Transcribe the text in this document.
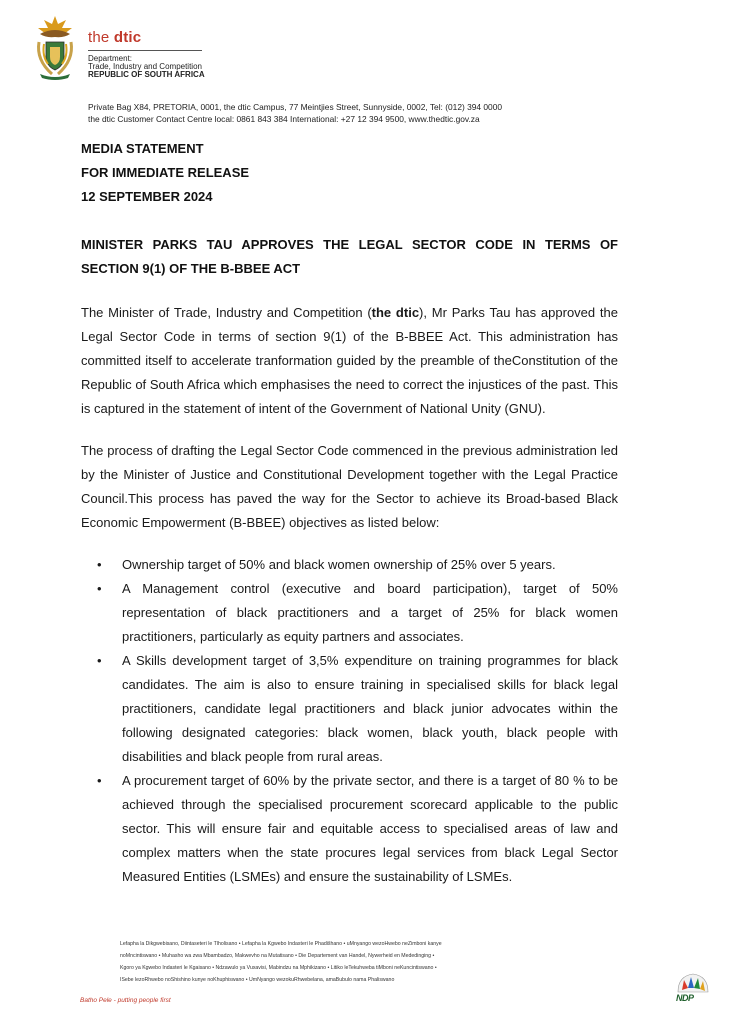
the dtic
Department:
Trade, Industry and Competition
REPUBLIC OF SOUTH AFRICA
Private Bag X84, PRETORIA, 0001, the dtic Campus, 77 Meintjies Street, Sunnyside, 0002, Tel: (012) 394 0000
the dtic Customer Contact Centre local: 0861 843 384 International: +27 12 394 9500, www.thedtic.gov.za
MEDIA STATEMENT
FOR IMMEDIATE RELEASE
12 SEPTEMBER 2024
MINISTER PARKS TAU APPROVES THE LEGAL SECTOR CODE IN TERMS OF SECTION 9(1) OF THE B-BBEE ACT
The Minister of Trade, Industry and Competition (the dtic), Mr Parks Tau has approved the Legal Sector Code in terms of section 9(1) of the B-BBEE Act. This administration has committed itself to accelerate tranformation guided by the preamble of theConstitution of the Republic of South Africa which emphasises the need to correct the injustices of the past. This is captured in the statement of intent of the Government of National Unity (GNU).
The process of drafting the Legal Sector Code commenced in the previous administration led by the Minister of Justice and Constitutional Development together with the Legal Practice Council.This process has paved the way for the Sector to achieve its Broad-based Black Economic Empowerment (B-BBEE) objectives as listed below:
• Ownership target of 50% and black women ownership of 25% over 5 years.
• A Management control (executive and board participation), target of 50% representation of black practitioners and a target of 25% for black women practitioners, particularly as equity partners and associates.
• A Skills development target of 3,5% expenditure on training programmes for black candidates. The aim is also to ensure training in specialised skills for black legal practitioners, candidate legal practitioners and black junior advocates within the following designated categories: black women, black youth, black people with disabilities and black people from rural areas.
• A procurement target of 60% by the private sector, and there is a target of 80 % to be achieved through the specialised procurement scorecard applicable to the public sector. This will ensure fair and equitable access to specialised areas of law and complex matters when the state procures legal services from black Legal Sector Measured Entities (LSMEs) and ensure the sustainability of LSMEs.
Lefapha la Dikgwebisano, Diintaseteri le Tlholisano • Lefapha la Kgwebo Indasteri le Phadišhano • uMnyango wezoHwebo neZimboni kanye
noMncintiswano • Muhasho wa zwa Mbambadzo, Makwevho na Mutatisano • Die Departement van Handel, Nywerheid en Mededinging •
Kgoro ya Kgwebo Indasteri le Kgaisano • Ndzawulo ya Vuxavisi, Mabindzu na Mphikizano • Litiko leTekuhweba tiMboni neKuncintiswano •
ISebe lezoRhwebo noShishino kunye noKhuphiswano • UmNyango wezokuRhwebelana, amaBubulo nama Phaliswano
Batho Pele - putting people first	NDP
